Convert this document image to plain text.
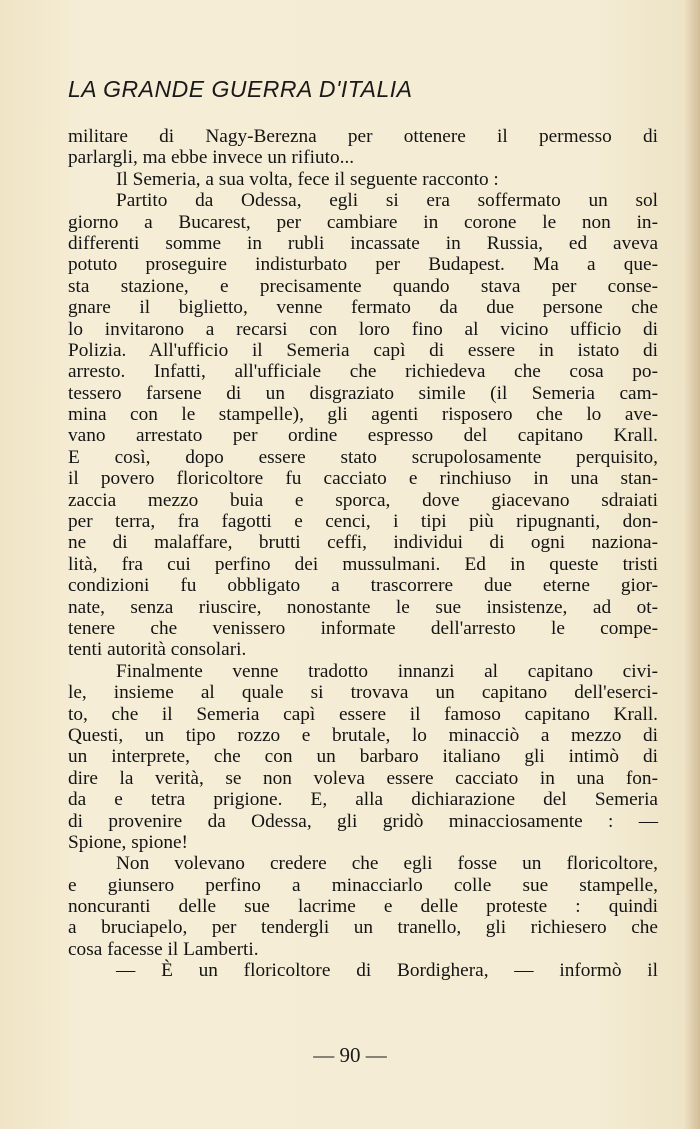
LA GRANDE GUERRA D'ITALIA
militare di Nagy-Berezna per ottenere il permesso di
parlargli, ma ebbe invece un rifiuto...
Il Semeria, a sua volta, fece il seguente racconto :
Partito da Odessa, egli si era soffermato un sol
giorno a Bucarest, per cambiare in corone le non in-
differenti somme in rubli incassate in Russia, ed aveva
potuto proseguire indisturbato per Budapest. Ma a que-
sta stazione, e precisamente quando stava per conse-
gnare il biglietto, venne fermato da due persone che
lo invitarono a recarsi con loro fino al vicino ufficio di
Polizia. All'ufficio il Semeria capì di essere in istato di
arresto. Infatti, all'ufficiale che richiedeva che cosa po-
tessero farsene di un disgraziato simile (il Semeria cam-
mina con le stampelle), gli agenti risposero che lo ave-
vano arrestato per ordine espresso del capitano Krall.
E così, dopo essere stato scrupolosamente perquisito,
il povero floricoltore fu cacciato e rinchiuso in una stan-
zaccia mezzo buia e sporca, dove giacevano sdraiati
per terra, fra fagotti e cenci, i tipi più ripugnanti, don-
ne di malaffare, brutti ceffi, individui di ogni naziona-
lità, fra cui perfino dei mussulmani. Ed in queste tristi
condizioni fu obbligato a trascorrere due eterne gior-
nate, senza riuscire, nonostante le sue insistenze, ad ot-
tenere che venissero informate dell'arresto le compe-
tenti autorità consolari.
Finalmente venne tradotto innanzi al capitano civi-
le, insieme al quale si trovava un capitano dell'eserci-
to, che il Semeria capì essere il famoso capitano Krall.
Questi, un tipo rozzo e brutale, lo minacciò a mezzo di
un interprete, che con un barbaro italiano gli intimò di
dire la verità, se non voleva essere cacciato in una fon-
da e tetra prigione. E, alla dichiarazione del Semeria
di provenire da Odessa, gli gridò minacciosamente : —
Spione, spione!
Non volevano credere che egli fosse un floricoltore,
e giunsero perfino a minacciarlo colle sue stampelle,
noncuranti delle sue lacrime e delle proteste : quindi
a bruciapelo, per tendergli un tranello, gli richiesero che
cosa facesse il Lamberti.
— È un floricoltore di Bordighera, — informò il
— 90 —
